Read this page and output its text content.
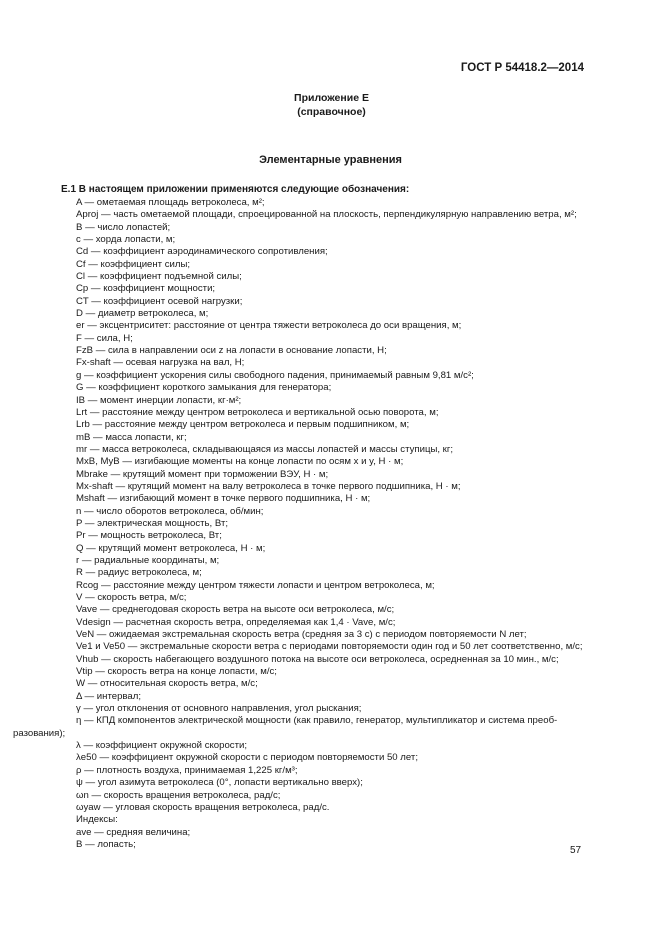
ГОСТ Р 54418.2—2014
Приложение Е
(справочное)
Элементарные уравнения
Е.1 В настоящем приложении применяются следующие обозначения:
A — ометаемая площадь ветроколеса, м²;
Aproj — часть ометаемой площади, спроецированной на плоскость, перпендикулярную направлению ветра, м²;
B — число лопастей;
c — хорда лопасти, м;
Cd — коэффициент аэродинамического сопротивления;
Cf — коэффициент силы;
Cl — коэффициент подъемной силы;
Cp — коэффициент мощности;
CT — коэффициент осевой нагрузки;
D — диаметр ветроколеса, м;
er — эксцентриситет: расстояние от центра тяжести ветроколеса до оси вращения, м;
F — сила, Н;
FzB — сила в направлении оси z на лопасти в основание лопасти, Н;
Fx-shaft — осевая нагрузка на вал, Н;
g — коэффициент ускорения силы свободного падения, принимаемый равным 9,81 м/с²;
G — коэффициент короткого замыкания для генератора;
IB — момент инерции лопасти, кг·м²;
Lrt — расстояние между центром ветроколеса и вертикальной осью поворота, м;
Lrb — расстояние между центром ветроколеса и первым подшипником, м;
mB — масса лопасти, кг;
mr — масса ветроколеса, складывающаяся из массы лопастей и массы ступицы, кг;
MxB, MyB — изгибающие моменты на конце лопасти по осям x и y, Н · м;
Mbrake — крутящий момент при торможении ВЭУ, Н · м;
Mx-shaft — крутящий момент на валу ветроколеса в точке первого подшипника, Н · м;
Mshaft — изгибающий момент в точке первого подшипника, Н · м;
n — число оборотов ветроколеса, об/мин;
P — электрическая мощность, Вт;
Pr — мощность ветроколеса, Вт;
Q — крутящий момент ветроколеса, Н · м;
r — радиальные координаты, м;
R — радиус ветроколеса, м;
Rcog — расстояние между центром тяжести лопасти и центром ветроколеса, м;
V — скорость ветра, м/с;
Vave — среднегодовая скорость ветра на высоте оси ветроколеса, м/с;
Vdesign — расчетная скорость ветра, определяемая как 1,4 · Vave, м/с;
VeN — ожидаемая экстремальная скорость ветра (средняя за 3 с) с периодом повторяемости N лет;
Ve1 и Ve50 — экстремальные скорости ветра с периодами повторяемости один год и 50 лет соответственно, м/с;
Vhub — скорость набегающего воздушного потока на высоте оси ветроколеса, осредненная за 10 мин., м/с;
Vtip — скорость ветра на конце лопасти, м/с;
W — относительная скорость ветра, м/с;
Δ — интервал;
γ — угол отклонения от основного направления, угол рыскания;
η — КПД компонентов электрической мощности (как правило, генератор, мультипликатор и система преоб-
разования);
λ — коэффициент окружной скорости;
λe50 — коэффициент окружной скорости с периодом повторяемости 50 лет;
ρ — плотность воздуха, принимаемая 1,225 кг/м³;
ψ — угол азимута ветроколеса (0°, лопасти вертикально вверх);
ωn — скорость вращения ветроколеса, рад/с;
ωyaw — угловая скорость вращения ветроколеса, рад/с.
Индексы:
ave — средняя величина;
B — лопасть;
57
